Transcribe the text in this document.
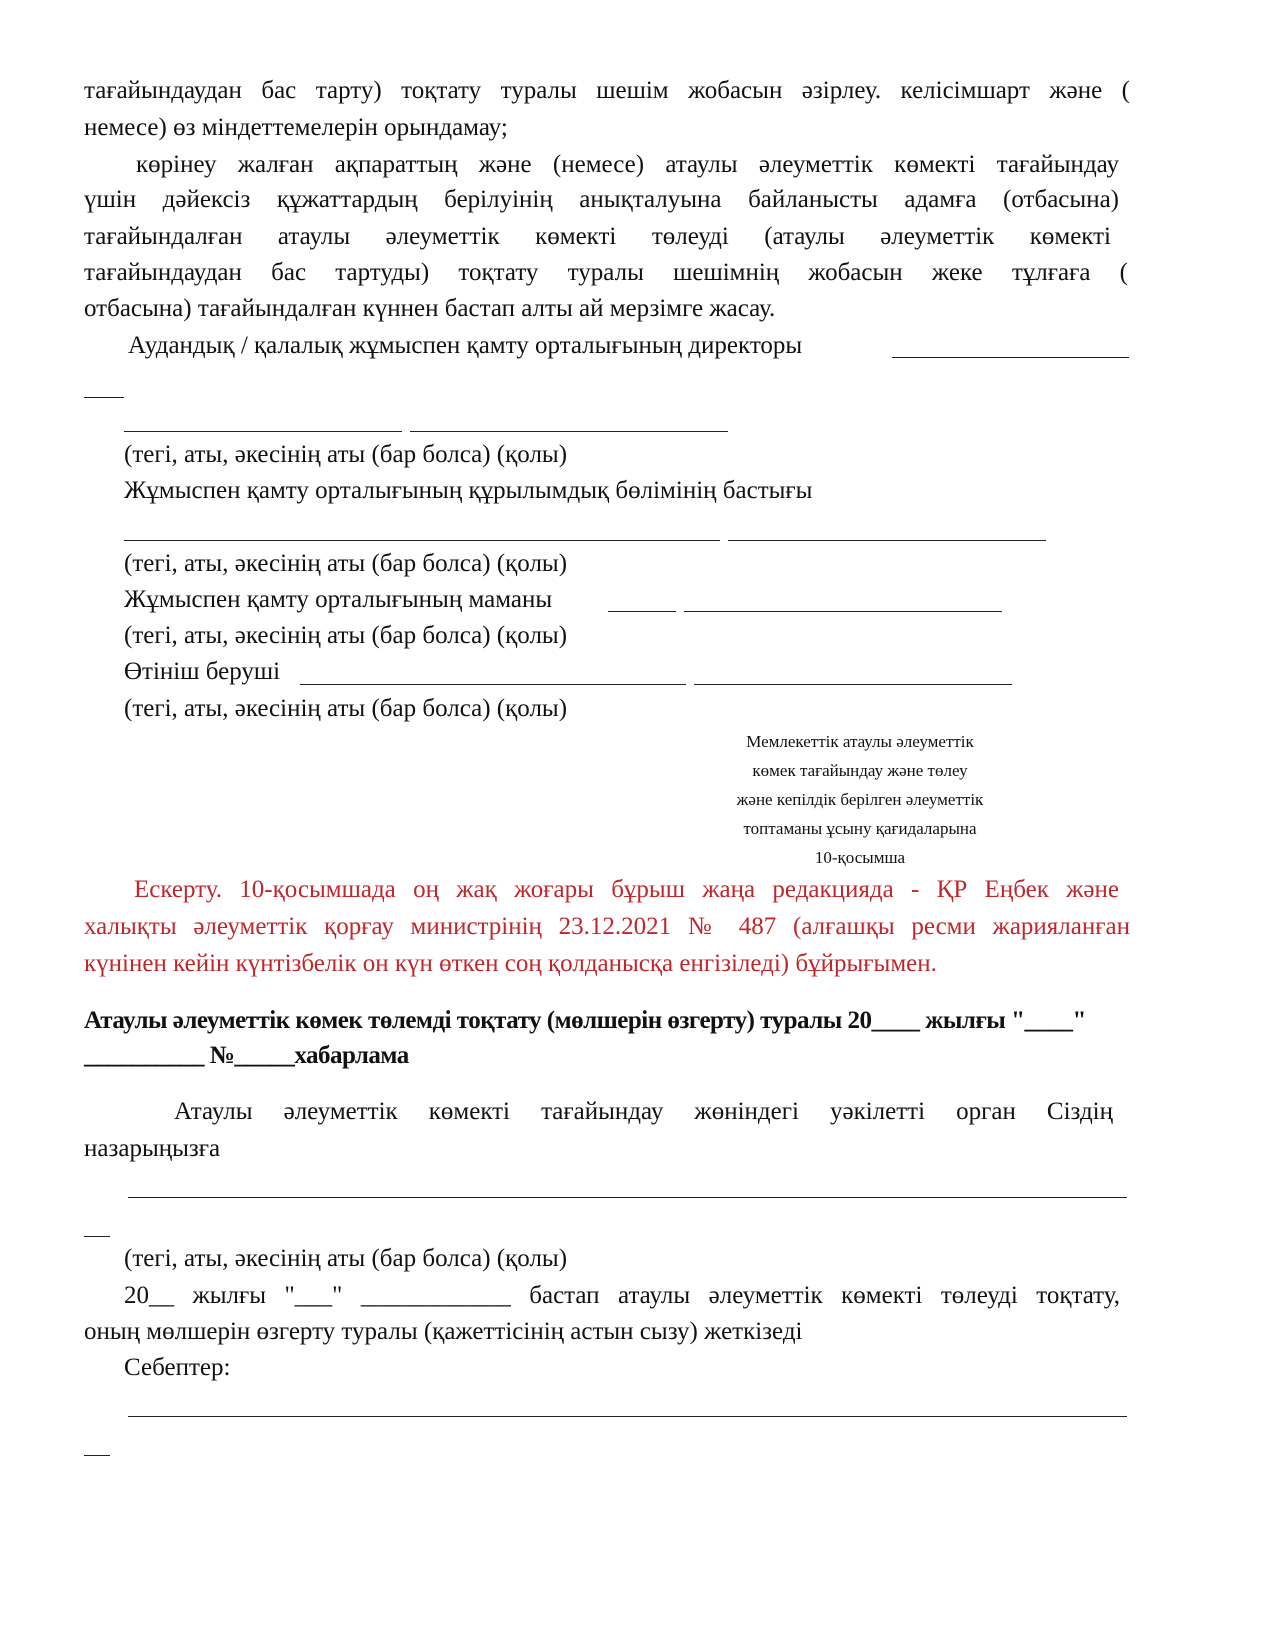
тағайындаудан бас тарту) тоқтату туралы шешім жобасын әзірлеу. келісімшарт және (
немесе) өз міндеттемелерін орындамау;
көрінеу жалған ақпараттың және (немесе) атаулы әлеуметтік көмекті тағайындау
үшін дәйексіз құжаттардың берілуінің анықталуына байланысты адамға (отбасына)
тағайындалған атаулы әлеуметтік көмекті төлеуді (атаулы әлеуметтік көмекті
тағайындаудан бас тартуды) тоқтату туралы шешімнің жобасын жеке тұлғаға (
отбасына) тағайындалған күннен бастап алты ай мерзімге жасау.
Аудандық / қалалық жұмыспен қамту орталығының директоры
(тегі, аты, әкесінің аты (бар болса) (қолы)
Жұмыспен қамту орталығының құрылымдық бөлімінің бастығы
(тегі, аты, әкесінің аты (бар болса) (қолы)
Жұмыспен қамту орталығының маманы
(тегі, аты, әкесінің аты (бар болса) (қолы)
Өтініш беруші
(тегі, аты, әкесінің аты (бар болса) (қолы)
Мемлекеттік атаулы әлеуметтік
көмек тағайындау және төлеу
және кепілдік берілген әлеуметтік
топтаманы ұсыну қағидаларына
10-қосымша
Ескерту. 10-қосымшада оң жақ жоғары бұрыш жаңа редакцияда - ҚР Еңбек және
халықты әлеуметтік қорғау министрінің 23.12.2021 № 487 (алғашқы ресми жарияланған
күнінен кейін күнтізбелік он күн өткен соң қолданысқа енгізіледі) бұйрығымен.
Атаулы әлеуметтік көмек төлемді тоқтату (мөлшерін өзгерту) туралы 20____ жылғы "____"
__________ №_____хабарлама
Атаулы әлеуметтік көмекті тағайындау жөніндегі уәкілетті орган Сіздің
назарыңызға
(тегі, аты, әкесінің аты (бар болса) (қолы)
20__ жылғы "___" ____________ бастап атаулы әлеуметтік көмекті төлеуді тоқтату,
оның мөлшерін өзгерту туралы (қажеттісінің астын сызу) жеткізеді
Себептер:
